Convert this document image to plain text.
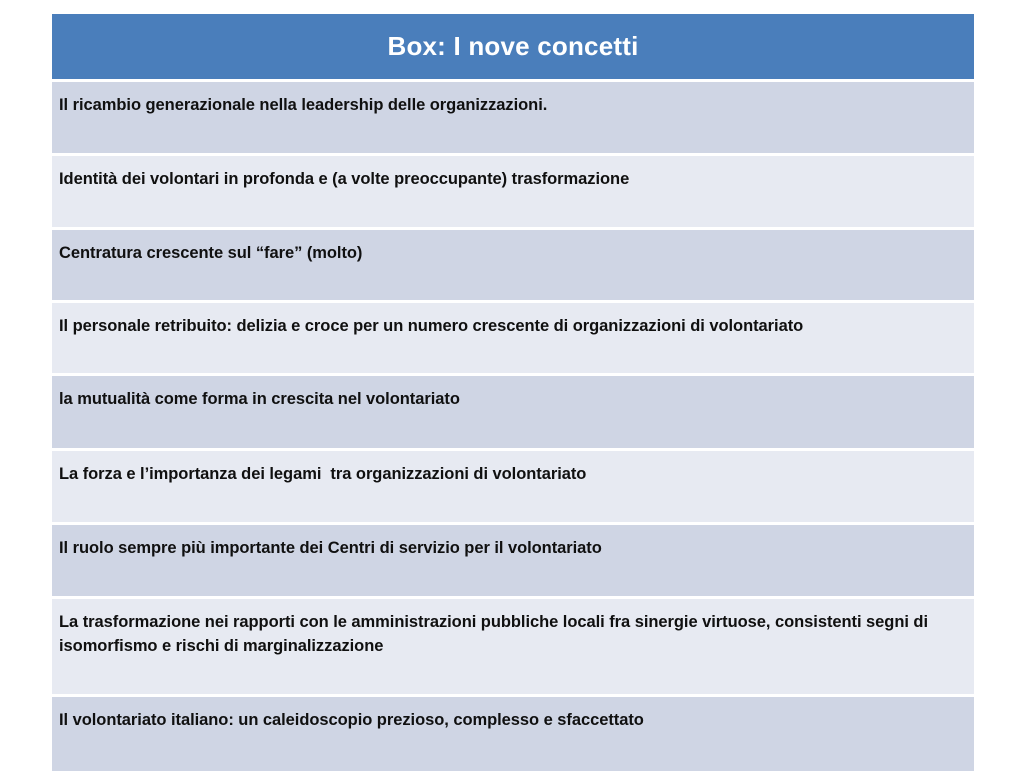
Box: I nove concetti
Il ricambio generazionale nella leadership delle organizzazioni.
Identità dei volontari in profonda e (a volte preoccupante) trasformazione
Centratura crescente sul “fare” (molto)
Il personale retribuito: delizia e croce per un numero crescente di organizzazioni di volontariato
la mutualità come forma in crescita nel volontariato
La forza e l’importanza dei legami  tra organizzazioni di volontariato
Il ruolo sempre più importante dei Centri di servizio per il volontariato
La trasformazione nei rapporti con le amministrazioni pubbliche locali fra sinergie virtuose, consistenti segni di isomorfismo e rischi di marginalizzazione
Il volontariato italiano: un caleidoscopio prezioso, complesso e sfaccettato
